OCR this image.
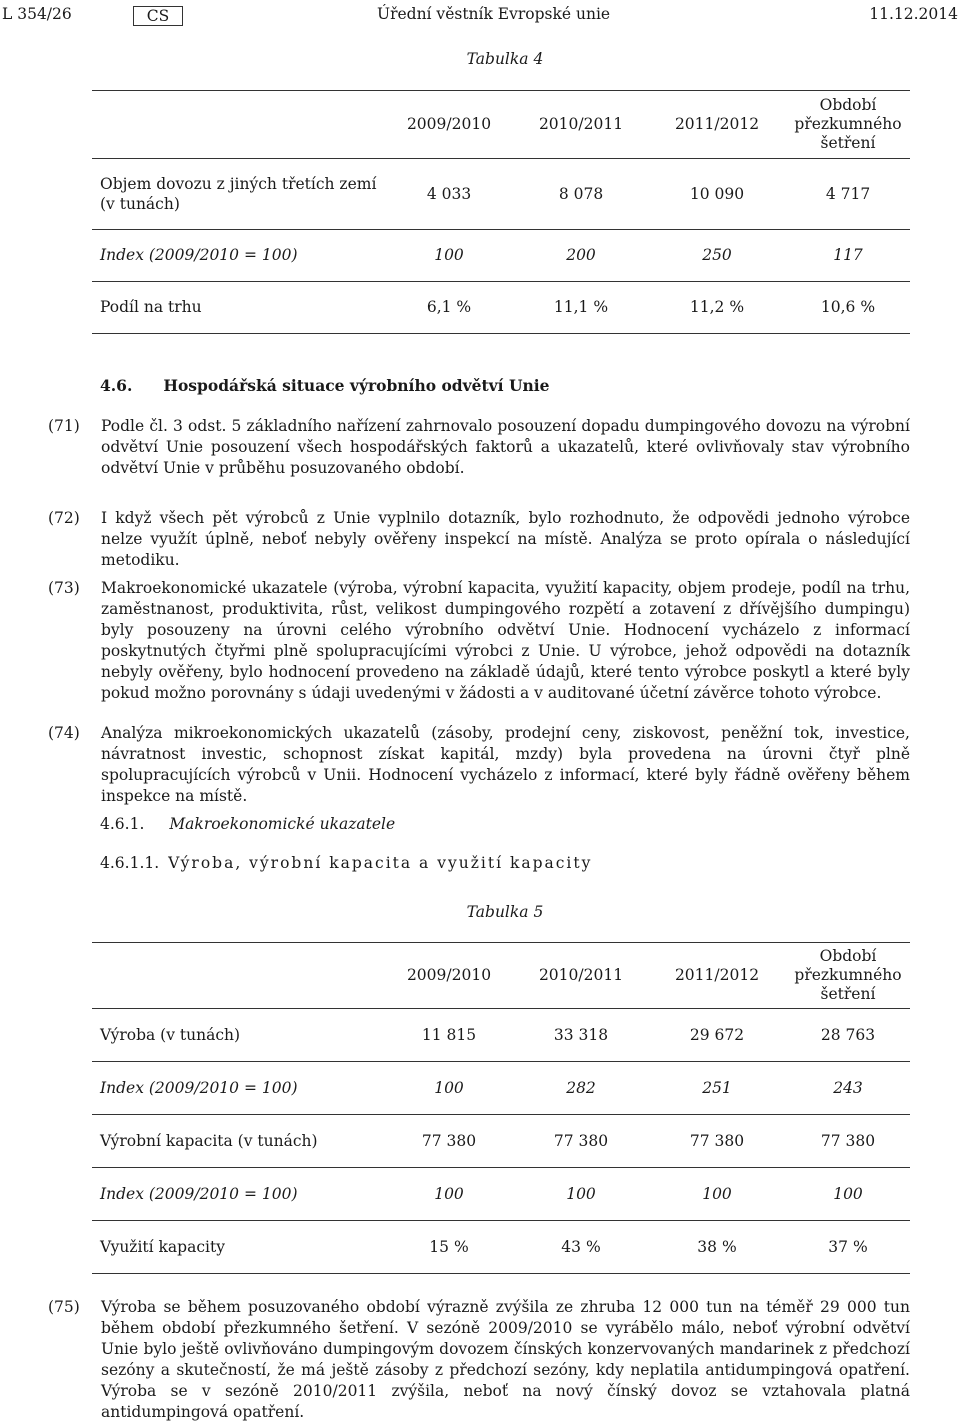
L 354/26	CS	Úřední věstník Evropské unie	11.12.2014
Tabulka 4
	2009/2010	2010/2011	2011/2012	Období
přezkumného
šetření

Objem dovozu z jiných třetích zemí (v tunách)	4 033	8 078	10 090	4 717
Index (2009/2010 = 100)	100	200	250	117
Podíl na trhu	6,1 %	11,1 %	11,2 %	10,6 %
4.6. Hospodářská situace výrobního odvětví Unie
(71) Podle čl. 3 odst. 5 základního nařízení zahrnovalo posouzení dopadu dumpingového dovozu na výrobní odvětví Unie posouzení všech hospodářských faktorů a ukazatelů, které ovlivňovaly stav výrobního odvětví Unie v průběhu posuzovaného období.
(72) I když všech pět výrobců z Unie vyplnilo dotazník, bylo rozhodnuto, že odpovědi jednoho výrobce nelze využít úplně, neboť nebyly ověřeny inspekcí na místě. Analýza se proto opírala o následující metodiku.
(73) Makroekonomické ukazatele (výroba, výrobní kapacita, využití kapacity, objem prodeje, podíl na trhu, zaměstnanost, produktivita, růst, velikost dumpingového rozpětí a zotavení z dřívějšího dumpingu) byly posouzeny na úrovni celého výrobního odvětví Unie. Hodnocení vycházelo z informací poskytnutých čtyřmi plně spolupracujícími výrobci z Unie. U výrobce, jehož odpovědi na dotazník nebyly ověřeny, bylo hodnocení provedeno na základě údajů, které tento výrobce poskytl a které byly pokud možno porovnány s údaji uvedenými v žádosti a v auditované účetní závěrce tohoto výrobce.
(74) Analýza mikroekonomických ukazatelů (zásoby, prodejní ceny, ziskovost, peněžní tok, investice, návratnost investic, schopnost získat kapitál, mzdy) byla provedena na úrovni čtyř plně spolupracujících výrobců v Unii. Hodnocení vycházelo z informací, které byly řádně ověřeny během inspekce na místě.
4.6.1. Makroekonomické ukazatele
4.6.1.1. Výroba, výrobní kapacita a využití kapacity
Tabulka 5
	2009/2010	2010/2011	2011/2012	Období
přezkumného
šetření

Výroba (v tunách)	11 815	33 318	29 672	28 763
Index (2009/2010 = 100)	100	282	251	243
Výrobní kapacita (v tunách)	77 380	77 380	77 380	77 380
Index (2009/2010 = 100)	100	100	100	100
Využití kapacity	15 %	43 %	38 %	37 %
(75) Výroba se během posuzovaného období výrazně zvýšila ze zhruba 12 000 tun na téměř 29 000 tun během období přezkumného šetření. V sezóně 2009/2010 se vyrábělo málo, neboť výrobní odvětví Unie bylo ještě ovlivňováno dumpingovým dovozem čínských konzervovaných mandarinek z předchozí sezóny a skutečností, že má ještě zásoby z předchozí sezóny, kdy neplatila antidumpingová opatření. Výroba se v sezóně 2010/2011 zvýšila, neboť na nový čínský dovoz se vztahovala platná antidumpingová opatření.
